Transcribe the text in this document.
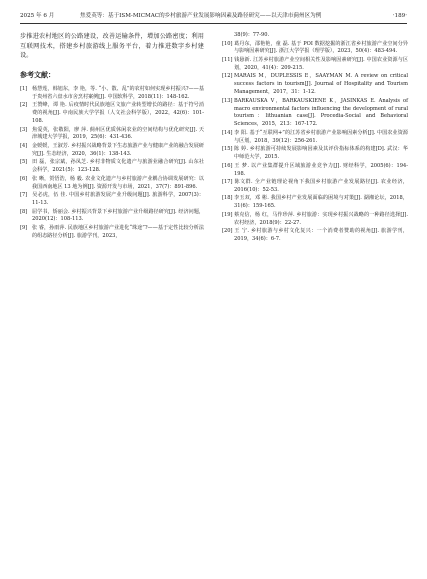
2025 年 6 月	焦爱英等：基于ISM-MICMAC的乡村旅游产业发展影响因素及路径研究——以天津市蓟州区为例	·189·

步推进农村地区的公路建设，改善运输条件，增加公路密度；利用互联网技术，搭建乡村旅游线上服务平台，着力推进数字乡村建设。

参考文献：

[1] 杨慧莲，韩旭东，李 艳，等. “小、散、乱”的农村如何实现乡村振兴?——基于贵州省六盘水市舍烹村案例[J]. 中国软科学，2018(11)：148-162.

[2] 王赞峰，谭 艳. 后疫情时代民族地区文旅产业转型增长的路径：基于符号消费的视角[J]. 中南民族大学学报（人文社会科学版），2022，42(6)：101-108.

[3] 焦爱英，张敬阳，廖 萍. 蓟州区优质休闲农业的空间结构与优化研究[J]. 天津城建大学学报，2019，25(6)：431-436.

[4] 金媛媛，王淑芳. 乡村振兴战略背景下生态旅游产业与健康产业的融合发展研究[J]. 生态经济，2020，36(1)：138-143.

[5] 田 磊，张宗斌，孙凤芝. 乡村非物质文化遗产与旅游业融合研究[J]. 山东社会科学，2021(5)：123-128.

[6] 张 晰，贺悟浩，杨 毅. 农业文化遗产与乡村旅游产业耦合协调发展研究：以我国西南地区 13 地为例[J]. 资源开发与市场，2021，37(7)：891-896.

[7] 吴必虎，伍 佳. 中国乡村旅游发展产业升级问题[J]. 旅游科学，2007(3)：11-13.

[8] 屈学书，矫丽会. 乡村振兴背景下乡村旅游产业升级路径研究[J]. 经济问题，2020(12)：108-113.

[9] 张 睿，孙雨萍. 民族地区乡村旅游产业进化“珠途”?——基于定性比较分析法的组态路径分析[J]. 旅游学刊，2023，

38(9)：77-90.

[10] 葛丹东，邵艳艳，童 磊. 基于 POI 数据挖掘的浙江省乡村旅游产业空间分异与影响因素研究[J]. 浙江大学学报（理学版），2023，50(4)：483-494.

[11] 钱悬新. 江苏乡村旅游产业空间相关性及影响因素研究[J]. 中国农业资源与区划，2020，41(4)：209-215.

[12] MARAIS M，DUPLESSIS E，SAAYMAN M. A review on critical success factors in tourism[J]. Journal of Hospitality and Tourism Management，2017，31：1-12.

[13] BARKAUSKA V，BARKAUSKIENE K，JASINKAS E. Analysis of macro environmental factors influencing the development of rural tourism：lithuanian case[J]. Procedia-Social and Behavioral Sciences，2015，213：167-172.

[14] 李 阳. 基于“互联网+”的江苏省乡村旅游产业影响因素分析[J]. 中国农业资源与区划，2018，39(12)：256-261.

[15] 陈 婷. 乡村旅游可持续发展影响因素及其评价指标体系的构建[D]. 武汉：华中师范大学，2015.

[16] 王 梦. 以产业集群提升区域旅游业竞争力[J]. 财经科学，2005(6)：194-198.

[17] 陈文群. 全产业链理论视角下我国乡村旅游产业发展路径[J]. 农业经济，2016(10)：52-53.

[18] 李玉双，邓 彬. 我国乡村产业发展面临的困境与对策[J]. 湖湘论坛，2018，31(6)：159-165.

[19] 蔡克信，杨 红，马作珍萍. 乡村旅游：实现乡村振兴战略的一种路径选择[J]. 农村经济，2018(9)：22-27.

[20] 王 宁. 乡村旅游与乡村文化复兴：一个消费者赞助的视角[J]. 旅游学刊，2019，34(6)：6-7.
